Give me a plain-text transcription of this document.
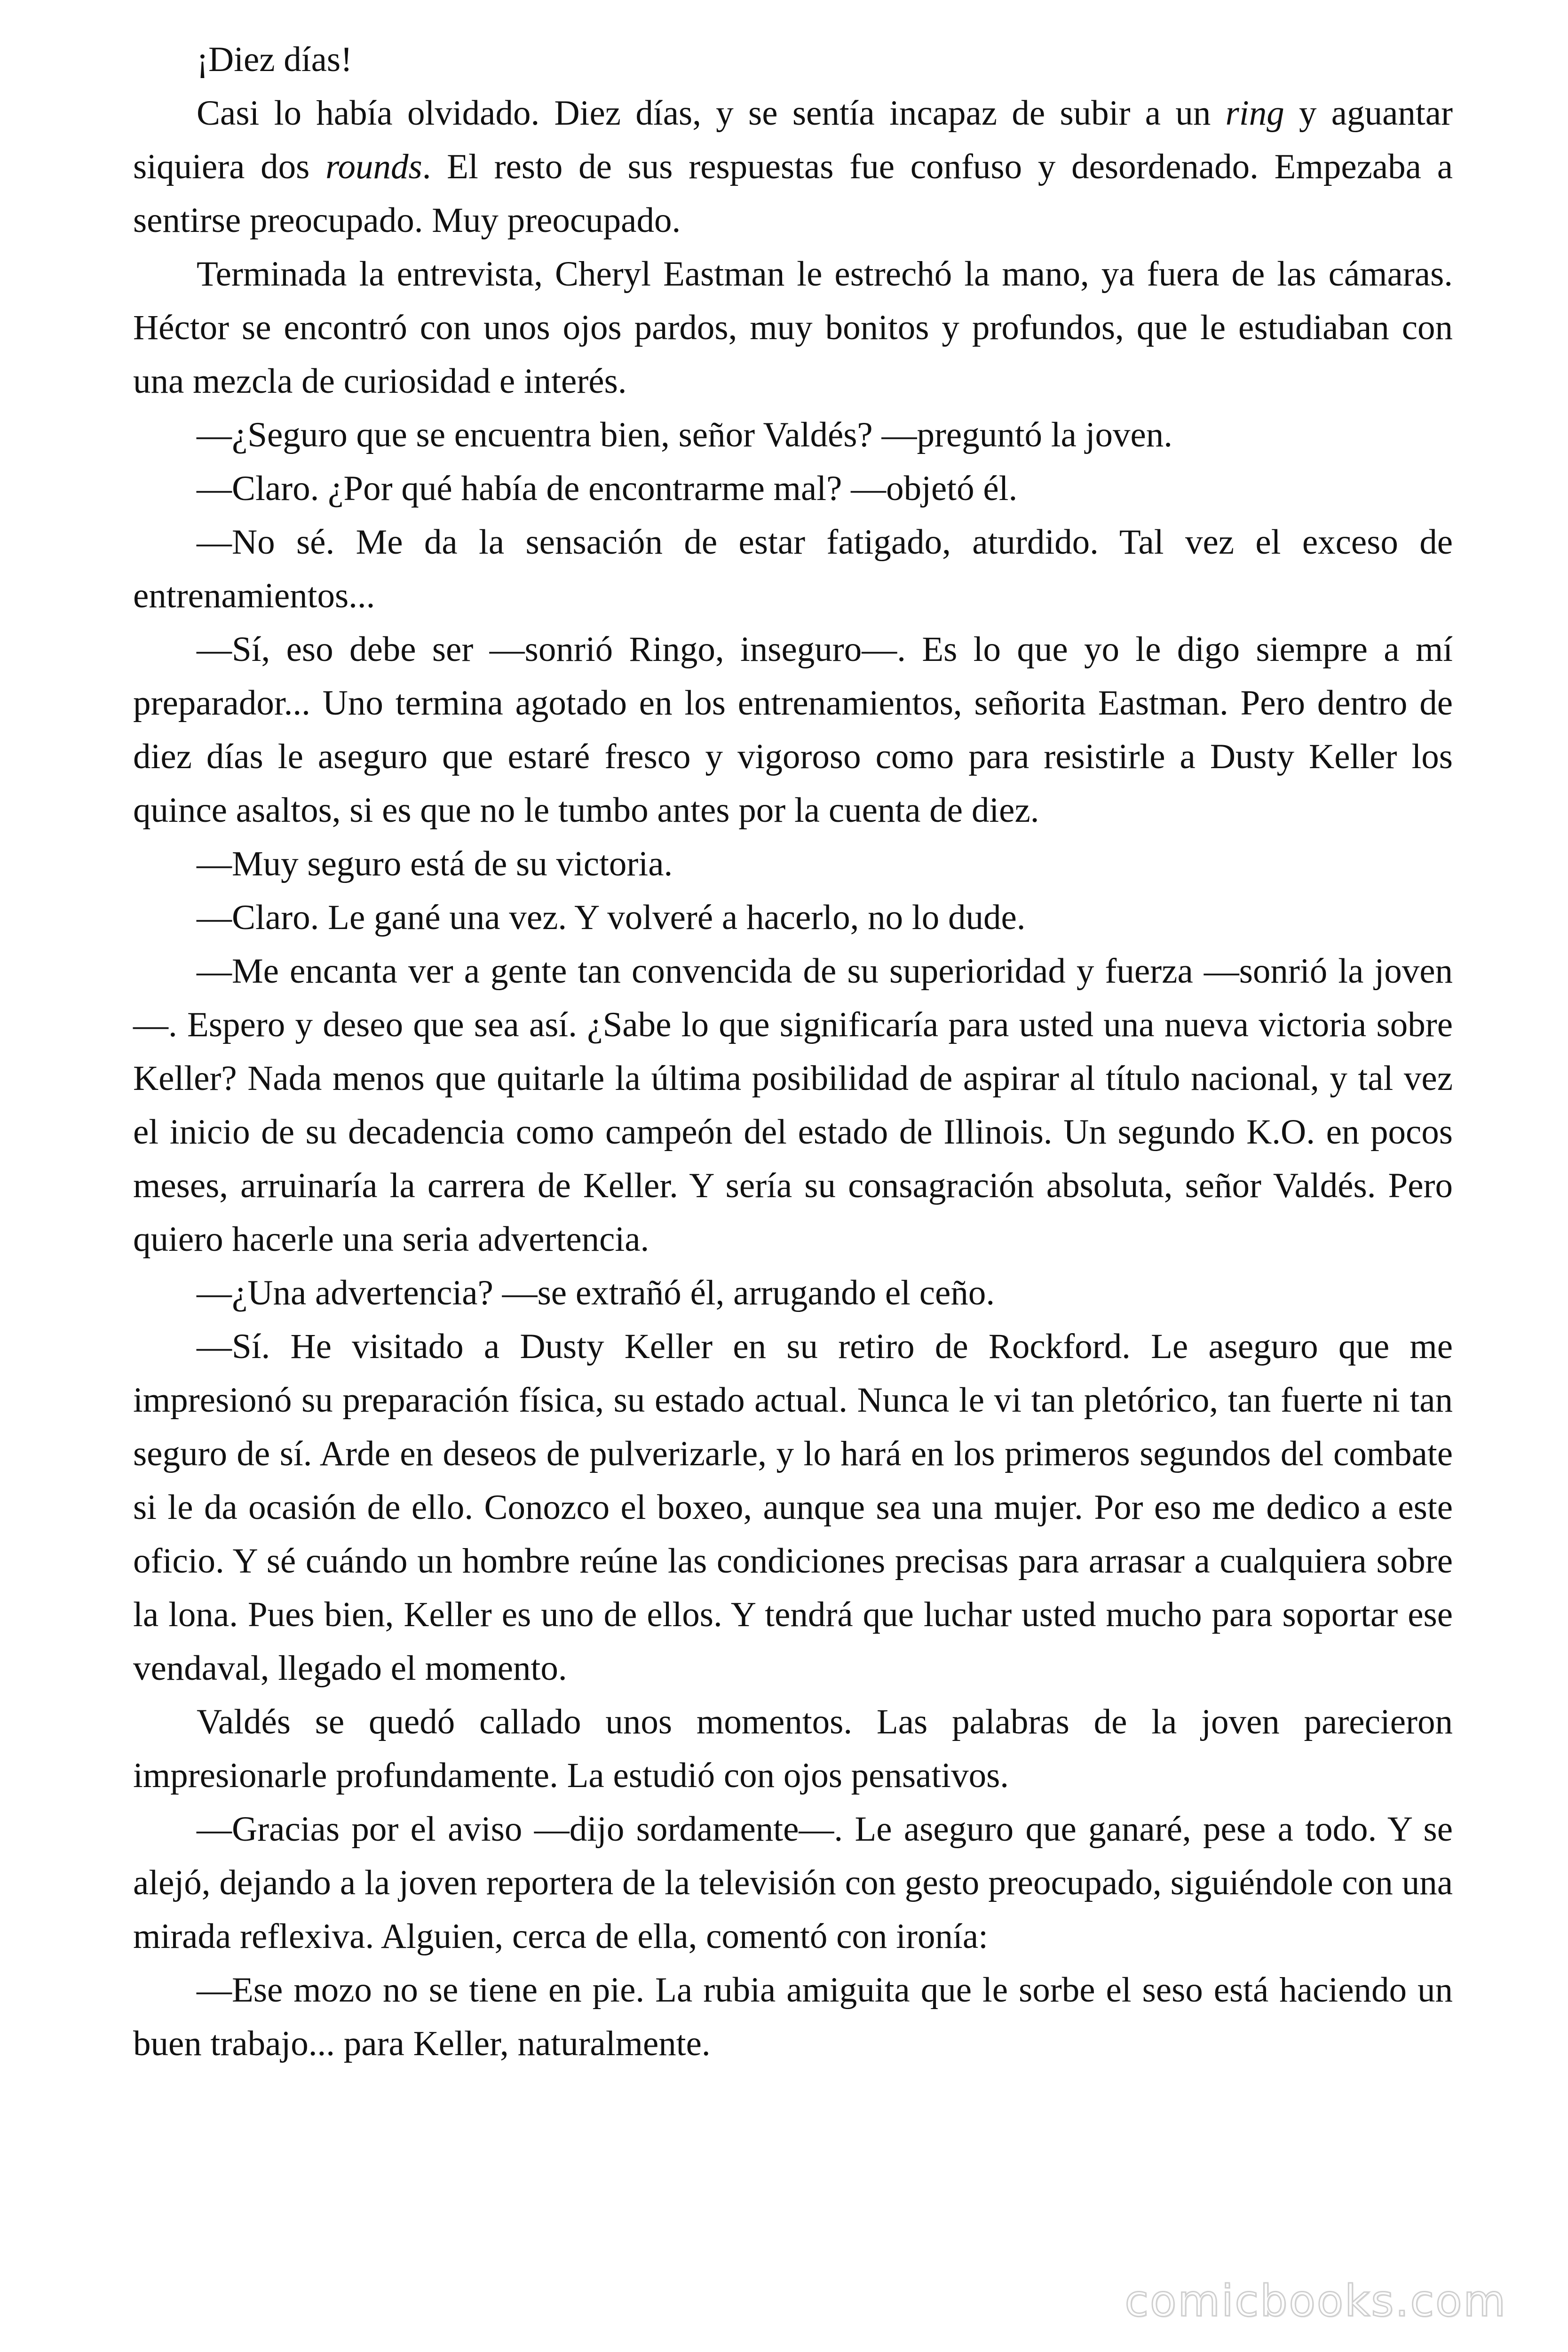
¡Diez días!

Casi lo había olvidado. Diez días, y se sentía incapaz de subir a un ring y aguantar siquiera dos rounds. El resto de sus respuestas fue confuso y desordenado. Empezaba a sentirse preocupado. Muy preocupado.

Terminada la entrevista, Cheryl Eastman le estrechó la mano, ya fuera de las cámaras. Héctor se encontró con unos ojos pardos, muy bonitos y profundos, que le estudiaban con una mezcla de curiosidad e interés.

—¿Seguro que se encuentra bien, señor Valdés? —preguntó la joven.

—Claro. ¿Por qué había de encontrarme mal? —objetó él.

—No sé. Me da la sensación de estar fatigado, aturdido. Tal vez el exceso de entrenamientos...

—Sí, eso debe ser —sonrió Ringo, inseguro—. Es lo que yo le digo siempre a mí preparador... Uno termina agotado en los entrenamientos, señorita Eastman. Pero dentro de diez días le aseguro que estaré fresco y vigoroso como para resistirle a Dusty Keller los quince asaltos, si es que no le tumbo antes por la cuenta de diez.

—Muy seguro está de su victoria.

—Claro. Le gané una vez. Y volveré a hacerlo, no lo dude.

—Me encanta ver a gente tan convencida de su superioridad y fuerza —sonrió la joven—. Espero y deseo que sea así. ¿Sabe lo que significaría para usted una nueva victoria sobre Keller? Nada menos que quitarle la última posibilidad de aspirar al título nacional, y tal vez el inicio de su decadencia como campeón del estado de Illinois. Un segundo K.O. en pocos meses, arruinaría la carrera de Keller. Y sería su consagración absoluta, señor Valdés. Pero quiero hacerle una seria advertencia.

—¿Una advertencia? —se extrañó él, arrugando el ceño.

—Sí. He visitado a Dusty Keller en su retiro de Rockford. Le aseguro que me impresionó su preparación física, su estado actual. Nunca le vi tan pletórico, tan fuerte ni tan seguro de sí. Arde en deseos de pulverizarle, y lo hará en los primeros segundos del combate si le da ocasión de ello. Conozco el boxeo, aunque sea una mujer. Por eso me dedico a este oficio. Y sé cuándo un hombre reúne las condiciones precisas para arrasar a cualquiera sobre la lona. Pues bien, Keller es uno de ellos. Y tendrá que luchar usted mucho para soportar ese vendaval, llegado el momento.

Valdés se quedó callado unos momentos. Las palabras de la joven parecieron impresionarle profundamente. La estudió con ojos pensativos.

—Gracias por el aviso —dijo sordamente—. Le aseguro que ganaré, pese a todo. Y se alejó, dejando a la joven reportera de la televisión con gesto preocupado, siguiéndole con una mirada reflexiva. Alguien, cerca de ella, comentó con ironía:

—Ese mozo no se tiene en pie. La rubia amiguita que le sorbe el seso está haciendo un buen trabajo... para Keller, naturalmente.

comicbooks.com
